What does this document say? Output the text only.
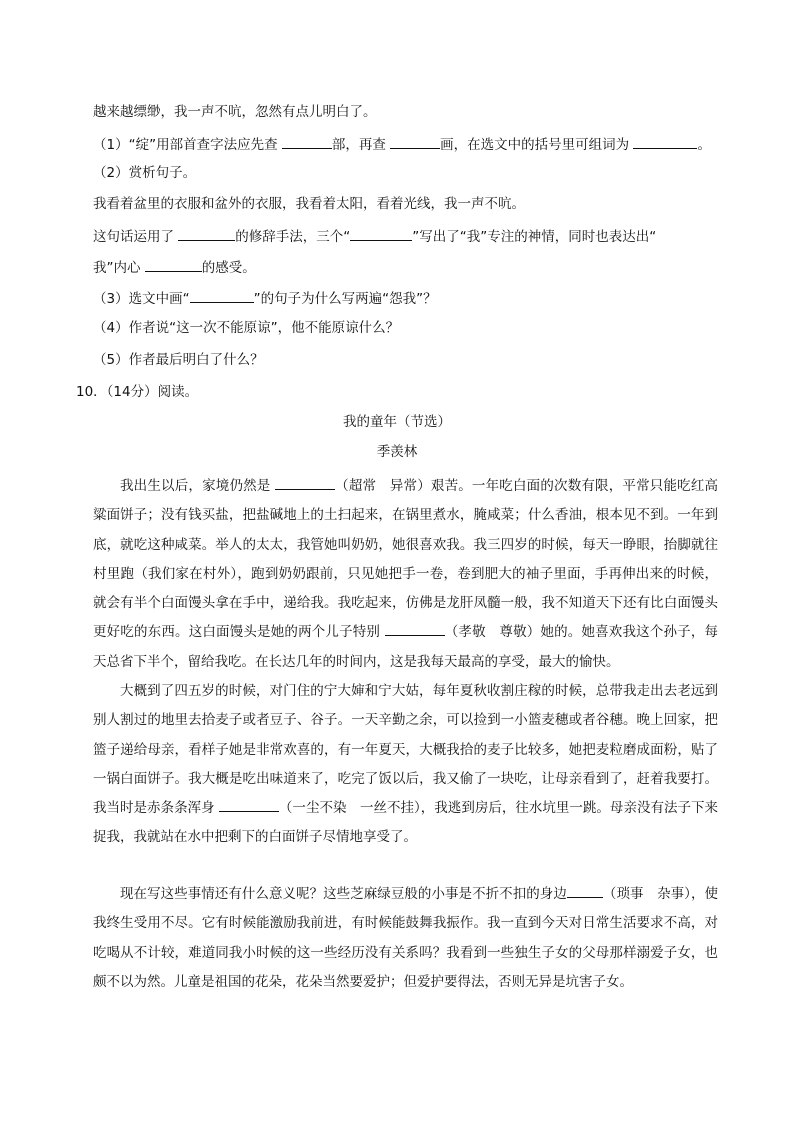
越来越缥缈，我一声不吭，忽然有点儿明白了。
（1）“绽”用部首查字法应先查	部，再查	画，在选文中的括号里可组词为	。
（2）赏析句子。
我看着盆里的衣服和盆外的衣服，我看着太阳，看着光线，我一声不吭。
这句话运用了	的修辞手法，三个“	”写出了“我”专注的神情，同时也表达出“
我”内心	的感受。
（3）选文中画“	”的句子为什么写两遍“怨我”？
（4）作者说“这一次不能原谅”，他不能原谅什么？
（5）作者最后明白了什么？
10．（14分）阅读。
我的童年（节选）
季羡林

我出生以后，家境仍然是	（超常　异常）艰苦。一年吃白面的次数有限，平常只能吃红高粱面饼子；没有钱买盐，把盐碱地上的土扫起来，在锅里煮水，腌咸菜；什么香油，根本见不到。一年到底，就吃这种咸菜。举人的太太，我管她叫奶奶，她很喜欢我。我三四岁的时候，每天一睁眼，抬脚就往村里跑（我们家在村外），跑到奶奶跟前，只见她把手一卷，卷到肥大的袖子里面，手再伸出来的时候，就会有半个白面馒头拿在手中，递给我。我吃起来，仿佛是龙肝凤髓一般，我不知道天下还有比白面馒头更好吃的东西。这白面馒头是她的两个儿子特别	（孝敬　尊敬）她的。她喜欢我这个孙子，每天总省下半个，留给我吃。在长达几年的时间内，这是我每天最高的享受，最大的愉快。

大概到了四五岁的时候，对门住的宁大婶和宁大姑，每年夏秋收割庄稼的时候，总带我走出去老远到别人割过的地里去拾麦子或者豆子、谷子。一天辛勤之余，可以捡到一小篮麦穗或者谷穗。晚上回家，把篮子递给母亲，看样子她是非常欢喜的，有一年夏天，大概我拾的麦子比较多，她把麦粒磨成面粉，贴了一锅白面饼子。我大概是吃出味道来了，吃完了饭以后，我又偷了一块吃，让母亲看到了，赶着我要打。我当时是赤条条浑身	（一尘不染　一丝不挂），我逃到房后，往水坑里一跳。母亲没有法子下来捉我，我就站在水中把剩下的白面饼子尽情地享受了。

现在写这些事情还有什么意义呢？这些芝麻绿豆般的小事是不折不扣的身边	（琐事　杂事），使我终生受用不尽。它有时候能激励我前进，有时候能鼓舞我振作。我一直到今天对日常生活要求不高，对吃喝从不计较，难道同我小时候的这一些经历没有关系吗？我看到一些独生子女的父母那样溺爱子女，也颇不以为然。儿童是祖国的花朵，花朵当然要爱护；但爱护要得法，否则无异是坑害子女。
